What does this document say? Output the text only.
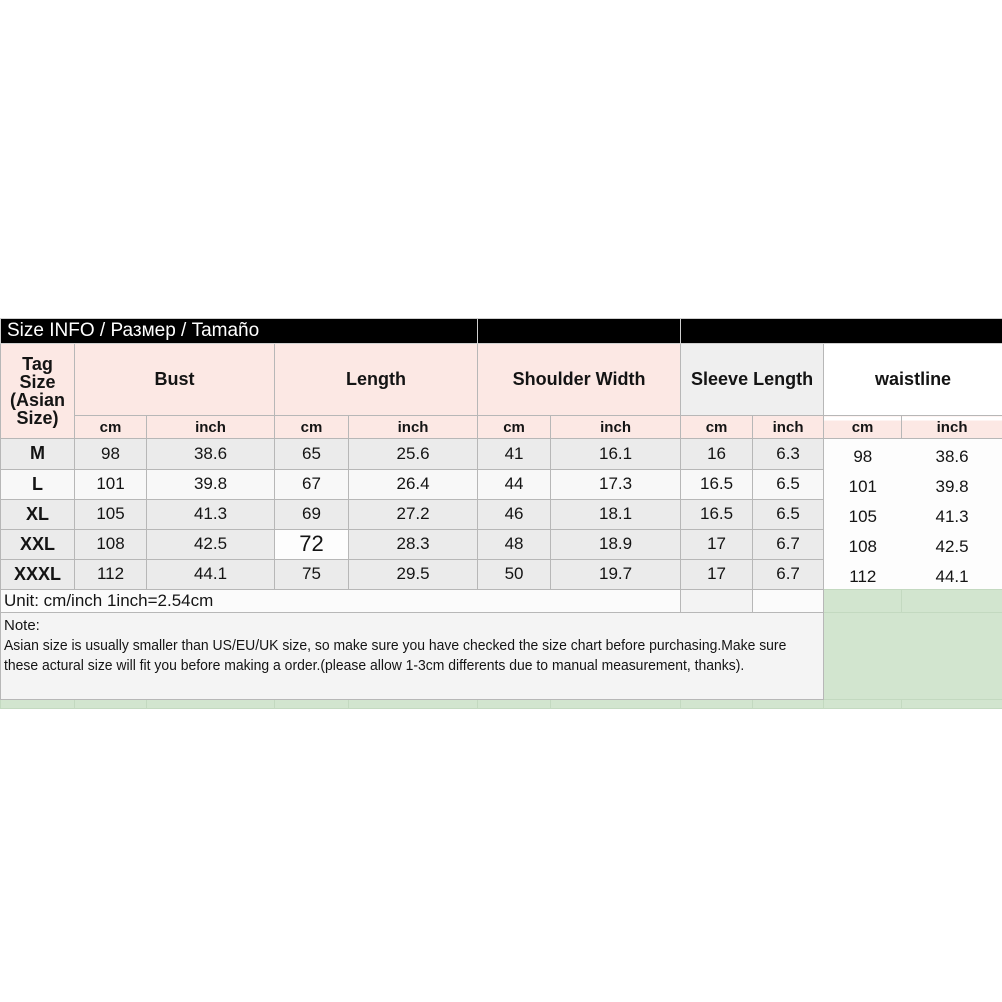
Size INFO / Размер / Tamaño										

Tag
Size
(Asian
Size)	Bust		Length		Shoulder Width		Sleeve Length		waistline	
	cm	inch	cm	inch	cm	inch	cm	inch	cm	inch
M	98	38.6	65	25.6	41	16.1	16	6.3	98	38.6
L	101	39.8	67	26.4	44	17.3	16.5	6.5	101	39.8
XL	105	41.3	69	27.2	46	18.1	16.5	6.5	105	41.3
XXL	108	42.5	72	28.3	48	18.9	17	6.7	108	42.5
XXXL	112	44.1	75	29.5	50	19.7	17	6.7	112	44.1
Unit: cm/inch 1inch=2.54cm										

Note:
Asian size is usually smaller than US/EU/UK size, so make sure you have checked the size chart before purchasing.Make sure these actural size will fit you before making a order.(please allow 1-3cm differents due to manual measurement, thanks).										
